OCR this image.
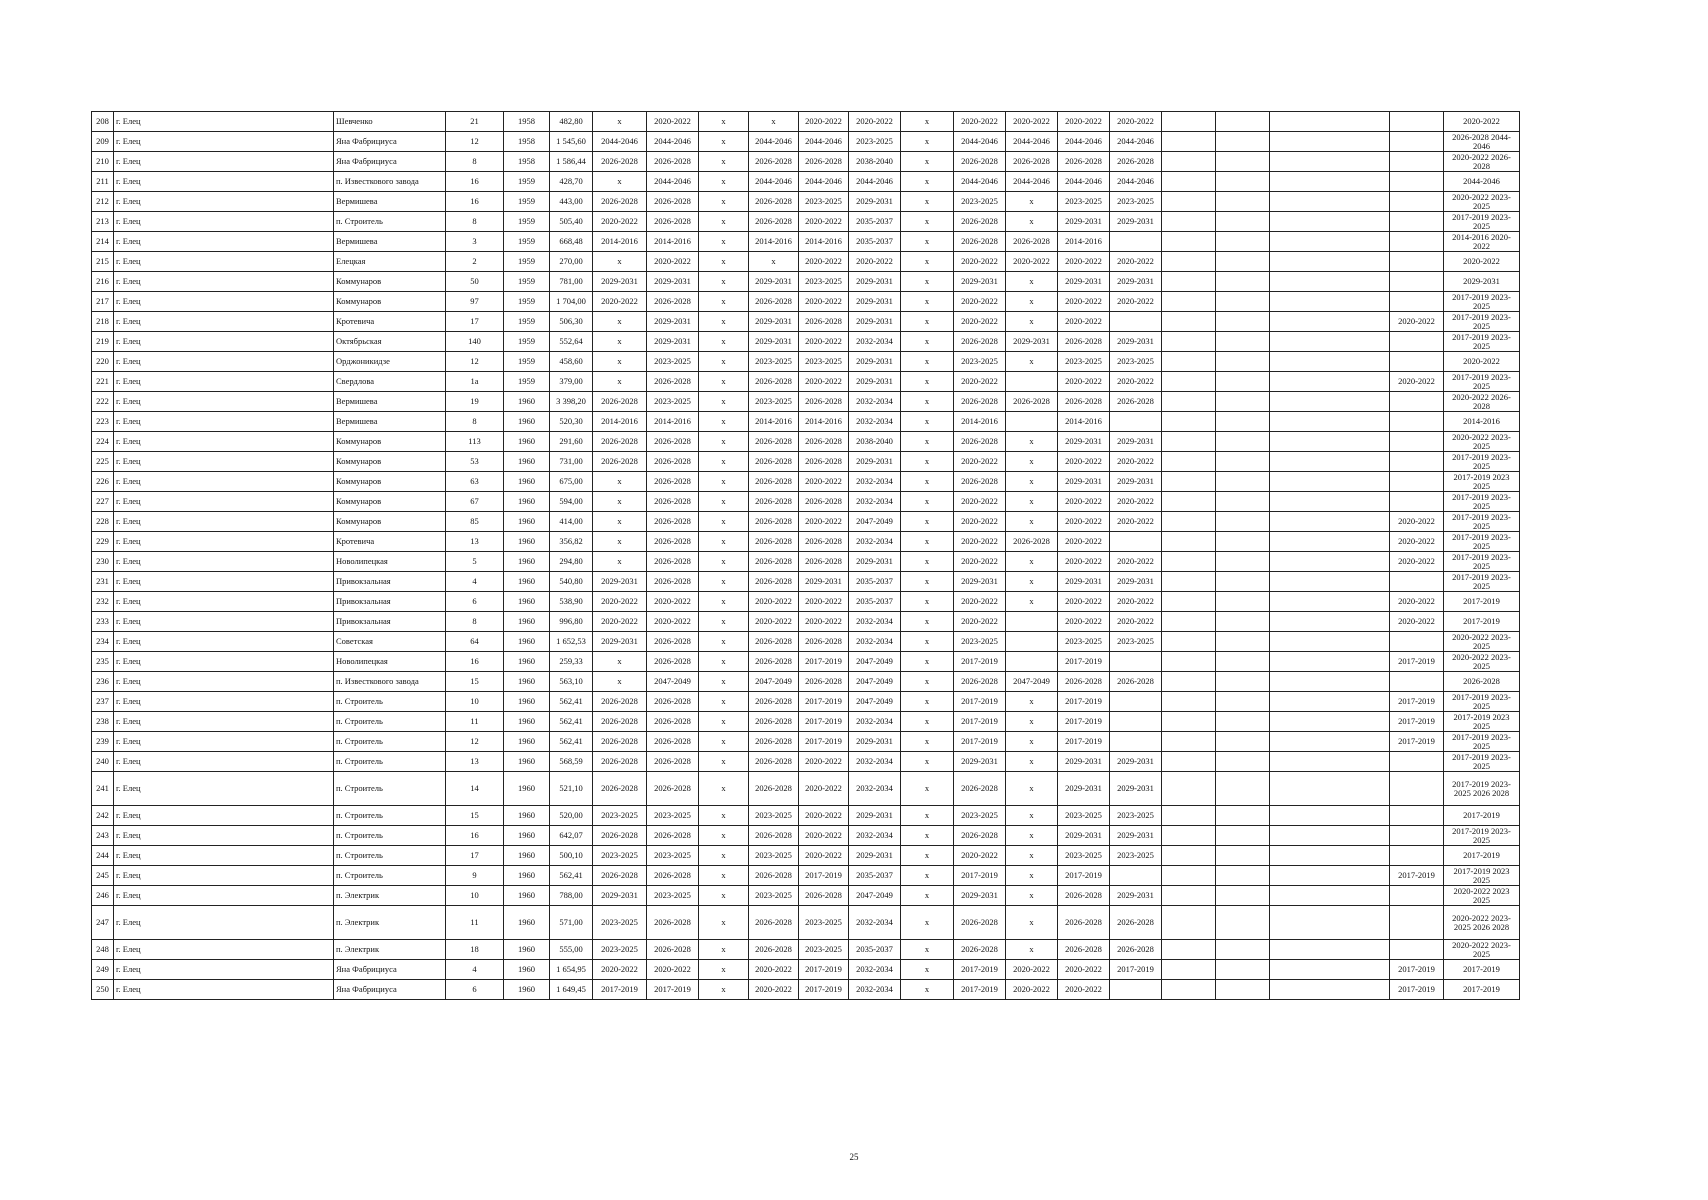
208	г. Елец	Шевченко	21	1958	482,80	x	2020-2022	x	x	2020-2022	2020-2022	x	2020-2022	2020-2022	2020-2022	2020-2022					2020-2022
209	г. Елец	Яна Фабрициуса	12	1958	1 545,60	2044-2046	2044-2046	x	2044-2046	2044-2046	2023-2025	x	2044-2046	2044-2046	2044-2046	2044-2046					2026-2028 2044-2046
210	г. Елец	Яна Фабрициуса	8	1958	1 586,44	2026-2028	2026-2028	x	2026-2028	2026-2028	2038-2040	x	2026-2028	2026-2028	2026-2028	2026-2028					2020-2022 2026-2028
211	г. Елец	п. Известкового завода	16	1959	428,70	x	2044-2046	x	2044-2046	2044-2046	2044-2046	x	2044-2046	2044-2046	2044-2046	2044-2046					2044-2046
212	г. Елец	Вермишева	16	1959	443,00	2026-2028	2026-2028	x	2026-2028	2023-2025	2029-2031	x	2023-2025	x	2023-2025	2023-2025					2020-2022 2023-2025
213	г. Елец	п. Строитель	8	1959	505,40	2020-2022	2026-2028	x	2026-2028	2020-2022	2035-2037	x	2026-2028	x	2029-2031	2029-2031					2017-2019 2023-2025
214	г. Елец	Вермишева	3	1959	668,48	2014-2016	2014-2016	x	2014-2016	2014-2016	2035-2037	x	2026-2028	2026-2028	2014-2016						2014-2016 2020-2022
215	г. Елец	Елецкая	2	1959	270,00	x	2020-2022	x	x	2020-2022	2020-2022	x	2020-2022	2020-2022	2020-2022	2020-2022					2020-2022
216	г. Елец	Коммунаров	50	1959	781,00	2029-2031	2029-2031	x	2029-2031	2023-2025	2029-2031	x	2029-2031	x	2029-2031	2029-2031					2029-2031
217	г. Елец	Коммунаров	97	1959	1 704,00	2020-2022	2026-2028	x	2026-2028	2020-2022	2029-2031	x	2020-2022	x	2020-2022	2020-2022					2017-2019 2023-2025
218	г. Елец	Кротевича	17	1959	506,30	x	2029-2031	x	2029-2031	2026-2028	2029-2031	x	2020-2022	x	2020-2022					2020-2022	2017-2019 2023-2025
219	г. Елец	Октябрьская	140	1959	552,64	x	2029-2031	x	2029-2031	2020-2022	2032-2034	x	2026-2028	2029-2031	2026-2028	2029-2031					2017-2019 2023-2025
220	г. Елец	Орджоникидзе	12	1959	458,60	x	2023-2025	x	2023-2025	2023-2025	2029-2031	x	2023-2025	x	2023-2025	2023-2025					2020-2022
221	г. Елец	Свердлова	1а	1959	379,00	x	2026-2028	x	2026-2028	2020-2022	2029-2031	x	2020-2022		2020-2022	2020-2022				2020-2022	2017-2019 2023-2025
222	г. Елец	Вермишева	19	1960	3 398,20	2026-2028	2023-2025	x	2023-2025	2026-2028	2032-2034	x	2026-2028	2026-2028	2026-2028	2026-2028					2020-2022 2026-2028
223	г. Елец	Вермишева	8	1960	520,30	2014-2016	2014-2016	x	2014-2016	2014-2016	2032-2034	x	2014-2016		2014-2016						2014-2016
224	г. Елец	Коммунаров	113	1960	291,60	2026-2028	2026-2028	x	2026-2028	2026-2028	2038-2040	x	2026-2028	x	2029-2031	2029-2031					2020-2022 2023-2025
225	г. Елец	Коммунаров	53	1960	731,00	2026-2028	2026-2028	x	2026-2028	2026-2028	2029-2031	x	2020-2022	x	2020-2022	2020-2022					2017-2019 2023-2025
226	г. Елец	Коммунаров	63	1960	675,00	x	2026-2028	x	2026-2028	2020-2022	2032-2034	x	2026-2028	x	2029-2031	2029-2031					2017-2019 2023 2025
227	г. Елец	Коммунаров	67	1960	594,00	x	2026-2028	x	2026-2028	2026-2028	2032-2034	x	2020-2022	x	2020-2022	2020-2022					2017-2019 2023-2025
228	г. Елец	Коммунаров	85	1960	414,00	x	2026-2028	x	2026-2028	2020-2022	2047-2049	x	2020-2022	x	2020-2022	2020-2022				2020-2022	2017-2019 2023-2025
229	г. Елец	Кротевича	13	1960	356,82	x	2026-2028	x	2026-2028	2026-2028	2032-2034	x	2020-2022	2026-2028	2020-2022					2020-2022	2017-2019 2023-2025
230	г. Елец	Новолипецкая	5	1960	294,80	x	2026-2028	x	2026-2028	2026-2028	2029-2031	x	2020-2022	x	2020-2022	2020-2022				2020-2022	2017-2019 2023-2025
231	г. Елец	Привокзальная	4	1960	540,80	2029-2031	2026-2028	x	2026-2028	2029-2031	2035-2037	x	2029-2031	x	2029-2031	2029-2031					2017-2019 2023-2025
232	г. Елец	Привокзальная	6	1960	538,90	2020-2022	2020-2022	x	2020-2022	2020-2022	2035-2037	x	2020-2022	x	2020-2022	2020-2022				2020-2022	2017-2019
233	г. Елец	Привокзальная	8	1960	996,80	2020-2022	2020-2022	x	2020-2022	2020-2022	2032-2034	x	2020-2022		2020-2022	2020-2022				2020-2022	2017-2019
234	г. Елец	Советская	64	1960	1 652,53	2029-2031	2026-2028	x	2026-2028	2026-2028	2032-2034	x	2023-2025		2023-2025	2023-2025					2020-2022 2023-2025
235	г. Елец	Новолипецкая	16	1960	259,33	x	2026-2028	x	2026-2028	2017-2019	2047-2049	x	2017-2019		2017-2019					2017-2019	2020-2022 2023-2025
236	г. Елец	п. Известкового завода	15	1960	563,10	x	2047-2049	x	2047-2049	2026-2028	2047-2049	x	2026-2028	2047-2049	2026-2028	2026-2028					2026-2028
237	г. Елец	п. Строитель	10	1960	562,41	2026-2028	2026-2028	x	2026-2028	2017-2019	2047-2049	x	2017-2019	x	2017-2019					2017-2019	2017-2019 2023-2025
238	г. Елец	п. Строитель	11	1960	562,41	2026-2028	2026-2028	x	2026-2028	2017-2019	2032-2034	x	2017-2019	x	2017-2019					2017-2019	2017-2019 2023 2025
239	г. Елец	п. Строитель	12	1960	562,41	2026-2028	2026-2028	x	2026-2028	2017-2019	2029-2031	x	2017-2019	x	2017-2019					2017-2019	2017-2019 2023-2025
240	г. Елец	п. Строитель	13	1960	568,59	2026-2028	2026-2028	x	2026-2028	2020-2022	2032-2034	x	2029-2031	x	2029-2031	2029-2031					2017-2019 2023-2025
241	г. Елец	п. Строитель	14	1960	521,10	2026-2028	2026-2028	x	2026-2028	2020-2022	2032-2034	x	2026-2028	x	2029-2031	2029-2031					2017-2019 2023-2025 2026 2028
242	г. Елец	п. Строитель	15	1960	520,00	2023-2025	2023-2025	x	2023-2025	2020-2022	2029-2031	x	2023-2025	x	2023-2025	2023-2025					2017-2019
243	г. Елец	п. Строитель	16	1960	642,07	2026-2028	2026-2028	x	2026-2028	2020-2022	2032-2034	x	2026-2028	x	2029-2031	2029-2031					2017-2019 2023-2025
244	г. Елец	п. Строитель	17	1960	500,10	2023-2025	2023-2025	x	2023-2025	2020-2022	2029-2031	x	2020-2022	x	2023-2025	2023-2025					2017-2019
245	г. Елец	п. Строитель	9	1960	562,41	2026-2028	2026-2028	x	2026-2028	2017-2019	2035-2037	x	2017-2019	x	2017-2019					2017-2019	2017-2019 2023 2025
246	г. Елец	п. Электрик	10	1960	788,00	2029-2031	2023-2025	x	2023-2025	2026-2028	2047-2049	x	2029-2031	x	2026-2028	2029-2031					2020-2022 2023 2025
247	г. Елец	п. Электрик	11	1960	571,00	2023-2025	2026-2028	x	2026-2028	2023-2025	2032-2034	x	2026-2028	x	2026-2028	2026-2028					2020-2022 2023-2025 2026 2028
248	г. Елец	п. Электрик	18	1960	555,00	2023-2025	2026-2028	x	2026-2028	2023-2025	2035-2037	x	2026-2028	x	2026-2028	2026-2028					2020-2022 2023-2025
249	г. Елец	Яна Фабрициуса	4	1960	1 654,95	2020-2022	2020-2022	x	2020-2022	2017-2019	2032-2034	x	2017-2019	2020-2022	2020-2022	2017-2019				2017-2019	2017-2019
250	г. Елец	Яна Фабрициуса	6	1960	1 649,45	2017-2019	2017-2019	x	2020-2022	2017-2019	2032-2034	x	2017-2019	2020-2022	2020-2022					2017-2019	2017-2019
25
